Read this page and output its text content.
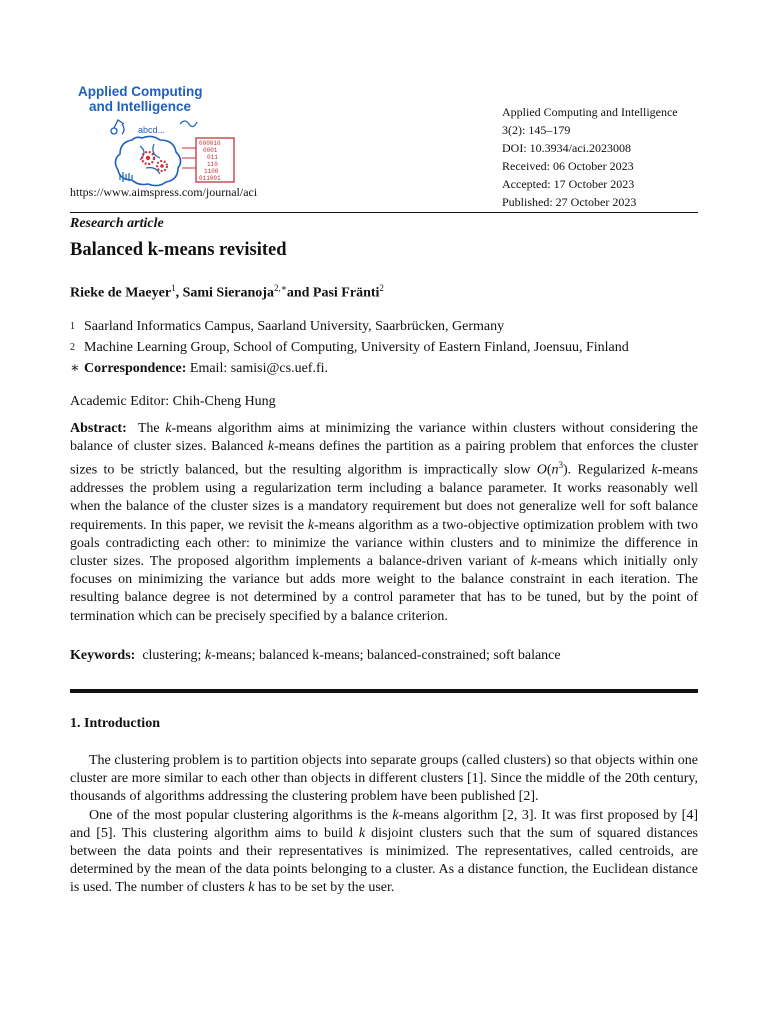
Applied Computing
and Intelligence
abcd...
000010
0001
011
110
1100
011001
https://www.aimspress.com/journal/aci
Applied Computing and Intelligence
3(2): 145–179
DOI: 10.3934/aci.2023008
Received: 06 October 2023
Accepted: 17 October 2023
Published: 27 October 2023
Research article
Balanced k-means revisited
Rieke de Maeyer$^1$, Sami Sieranoja$^{2,∗}$and Pasi Fränti$^2$
1 Saarland Informatics Campus, Saarland University, Saarbrücken, Germany
2 Machine Learning Group, School of Computing, University of Eastern Finland, Joensuu, Finland
∗ Correspondence: Email: samisi@cs.uef.fi.
Academic Editor: Chih-Cheng Hung
Abstract: The k-means algorithm aims at minimizing the variance within clusters without considering the balance of cluster sizes. Balanced k-means defines the partition as a pairing problem that enforces the cluster sizes to be strictly balanced, but the resulting algorithm is impractically slow $O(n^3)$. Regularized k-means addresses the problem using a regularization term including a balance parameter. It works reasonably well when the balance of the cluster sizes is a mandatory requirement but does not generalize well for soft balance requirements. In this paper, we revisit the k-means algorithm as a two-objective optimization problem with two goals contradicting each other: to minimize the variance within clusters and to minimize the difference in cluster sizes. The proposed algorithm implements a balance-driven variant of k-means which initially only focuses on minimizing the variance but adds more weight to the balance constraint in each iteration. The resulting balance degree is not determined by a control parameter that has to be tuned, but by the point of termination which can be precisely specified by a balance criterion.
Keywords: clustering; k-means; balanced k-means; balanced-constrained; soft balance
1. Introduction

The clustering problem is to partition objects into separate groups (called clusters) so that objects within one cluster are more similar to each other than objects in different clusters [1]. Since the middle of the 20th century, thousands of algorithms addressing the clustering problem have been published [2].

One of the most popular clustering algorithms is the k-means algorithm [2, 3]. It was first proposed by [4] and [5]. This clustering algorithm aims to build k disjoint clusters such that the sum of squared distances between the data points and their representatives is minimized. The representatives, called centroids, are determined by the mean of the data points belonging to a cluster. As a distance function, the Euclidean distance is used. The number of clusters k has to be set by the user.
